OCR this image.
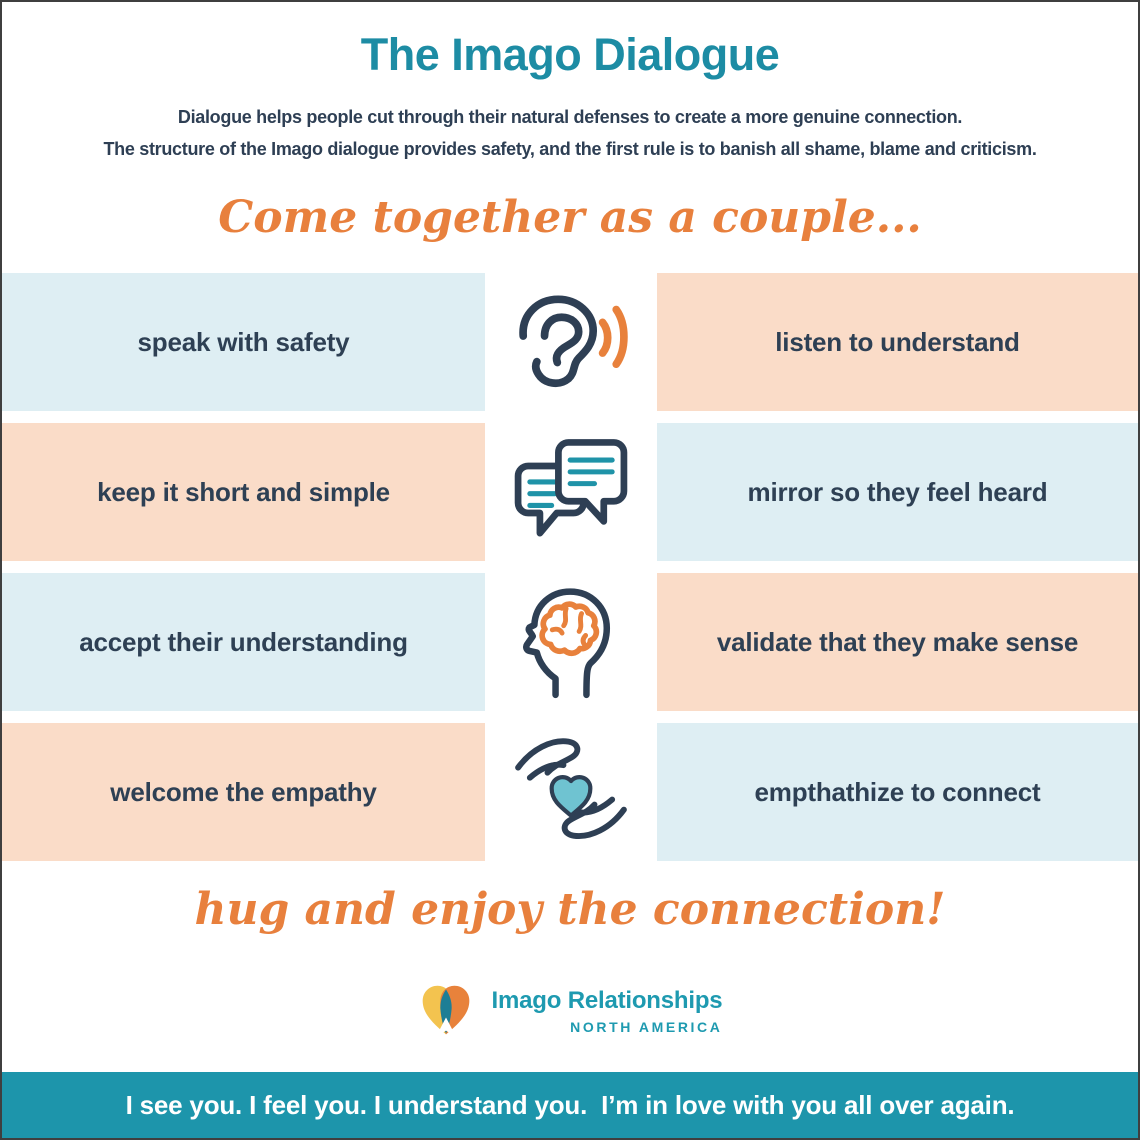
The Imago Dialogue
Dialogue helps people cut through their natural defenses to create a more genuine connection.
The structure of the Imago dialogue provides safety, and the first rule is to banish all shame, blame and criticism.
Come together as a couple...
speak with safety	listen to understand
keep it short and simple	mirror so they feel heard
accept their understanding	validate that they make sense
welcome the empathy	empthathize to connect
hug and enjoy the connection!
Imago Relationships
NORTH AMERICA
I see you. I feel you. I understand you.  I’m in love with you all over again.
